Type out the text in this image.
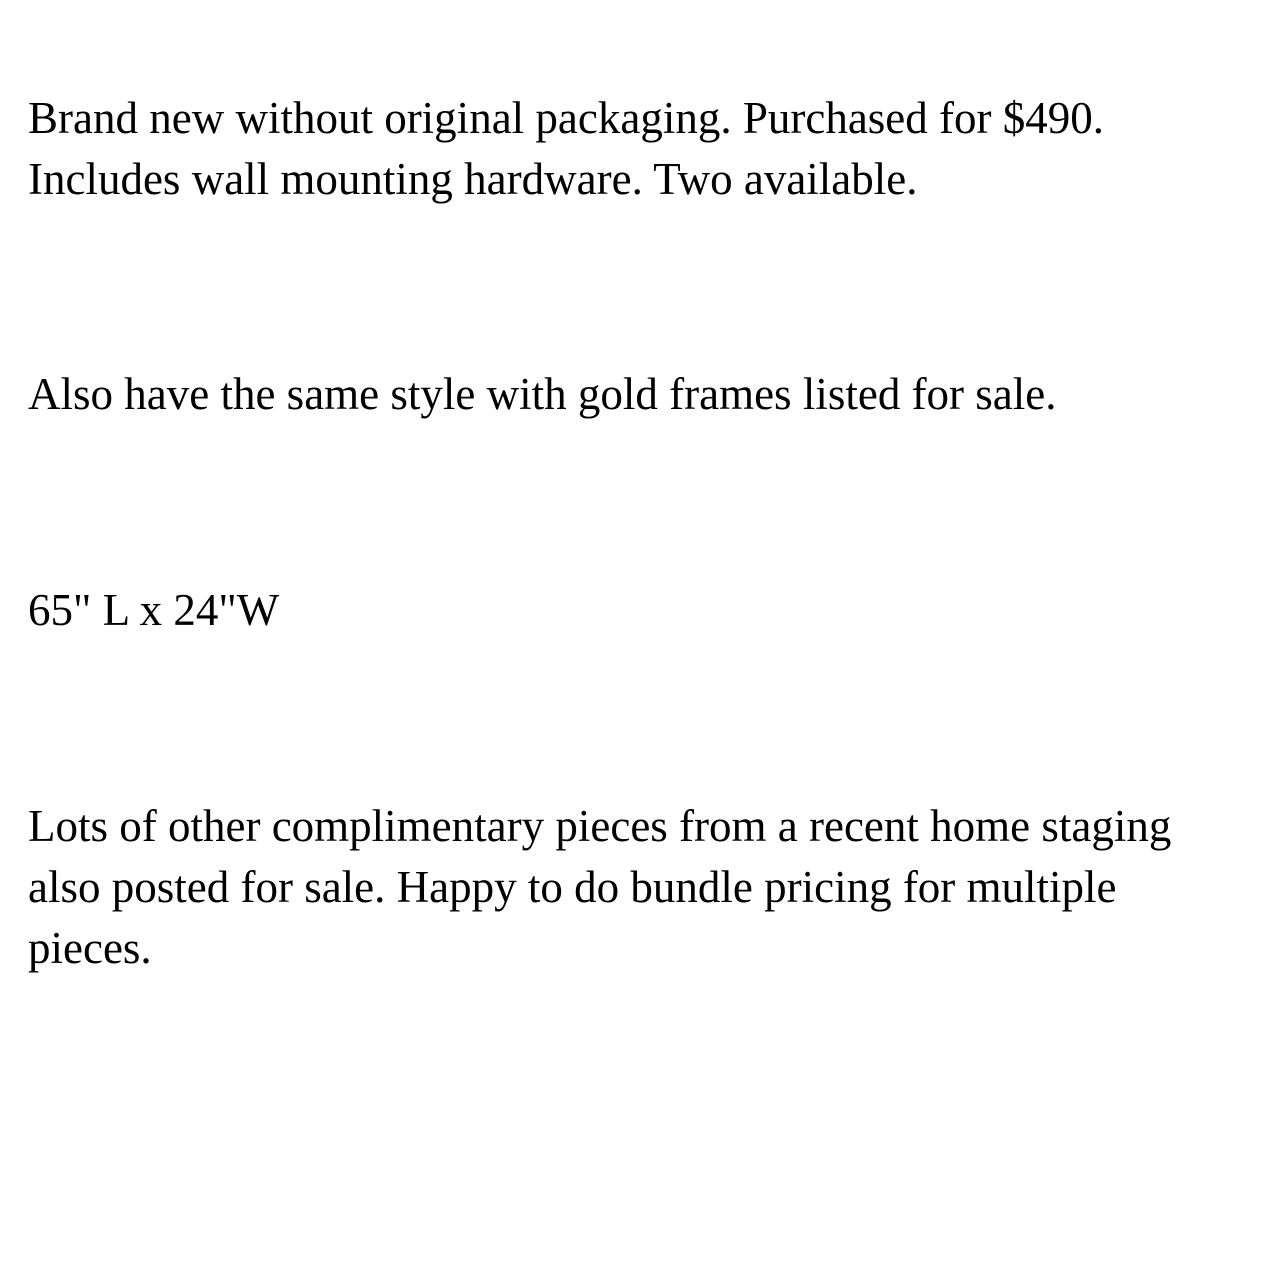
Brand new without original packaging. Purchased for $490.
Includes wall mounting hardware. Two available.

Also have the same style with gold frames listed for sale.

65" L x 24"W

Lots of other complimentary pieces from a recent home staging
also posted for sale. Happy to do bundle pricing for multiple
pieces.
